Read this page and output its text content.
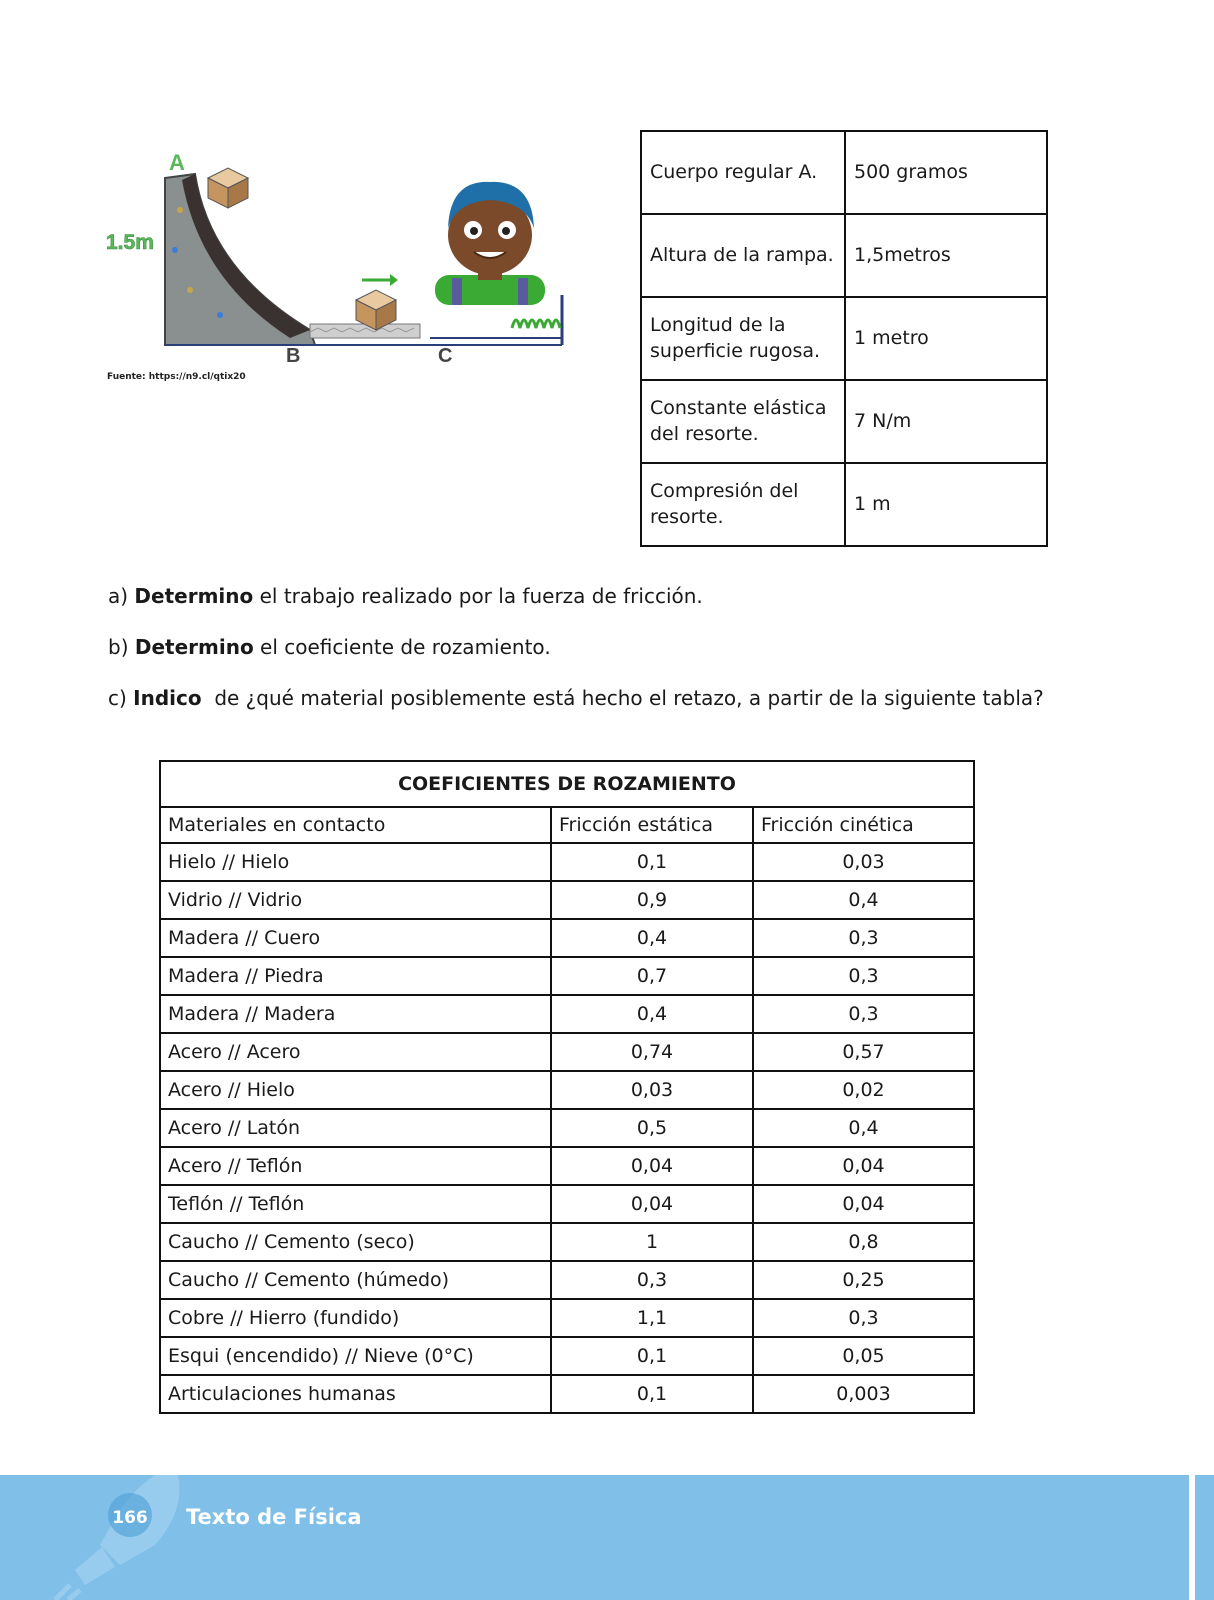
A
1.5m
B	C
Fuente: https://n9.cl/qtix20
Cuerpo regular A.	500 gramos
Altura de la rampa.	1,5metros
Longitud de la superficie rugosa.	1 metro
Constante elástica del resorte.	7 N/m
Compresión del resorte.	1 m

a) Determino el trabajo realizado por la fuerza de fricción.

b) Determino el coeficiente de rozamiento.

c) Indico  de ¿qué material posiblemente está hecho el retazo, a partir de la siguiente tabla?

COEFICIENTES DE ROZAMIENTO		
Materiales en contacto	Fricción estática	Fricción cinética
Hielo // Hielo	0,1	0,03
Vidrio // Vidrio	0,9	0,4
Madera // Cuero	0,4	0,3
Madera // Piedra	0,7	0,3
Madera // Madera	0,4	0,3
Acero // Acero	0,74	0,57
Acero // Hielo	0,03	0,02
Acero // Latón	0,5	0,4
Acero // Teflón	0,04	0,04
Teflón // Teflón	0,04	0,04
Caucho // Cemento (seco)	1	0,8
Caucho // Cemento (húmedo)	0,3	0,25
Cobre // Hierro (fundido)	1,1	0,3
Esqui (encendido) // Nieve (0°C)	0,1	0,05
Articulaciones humanas	0,1	0,003
166 Texto de Física
